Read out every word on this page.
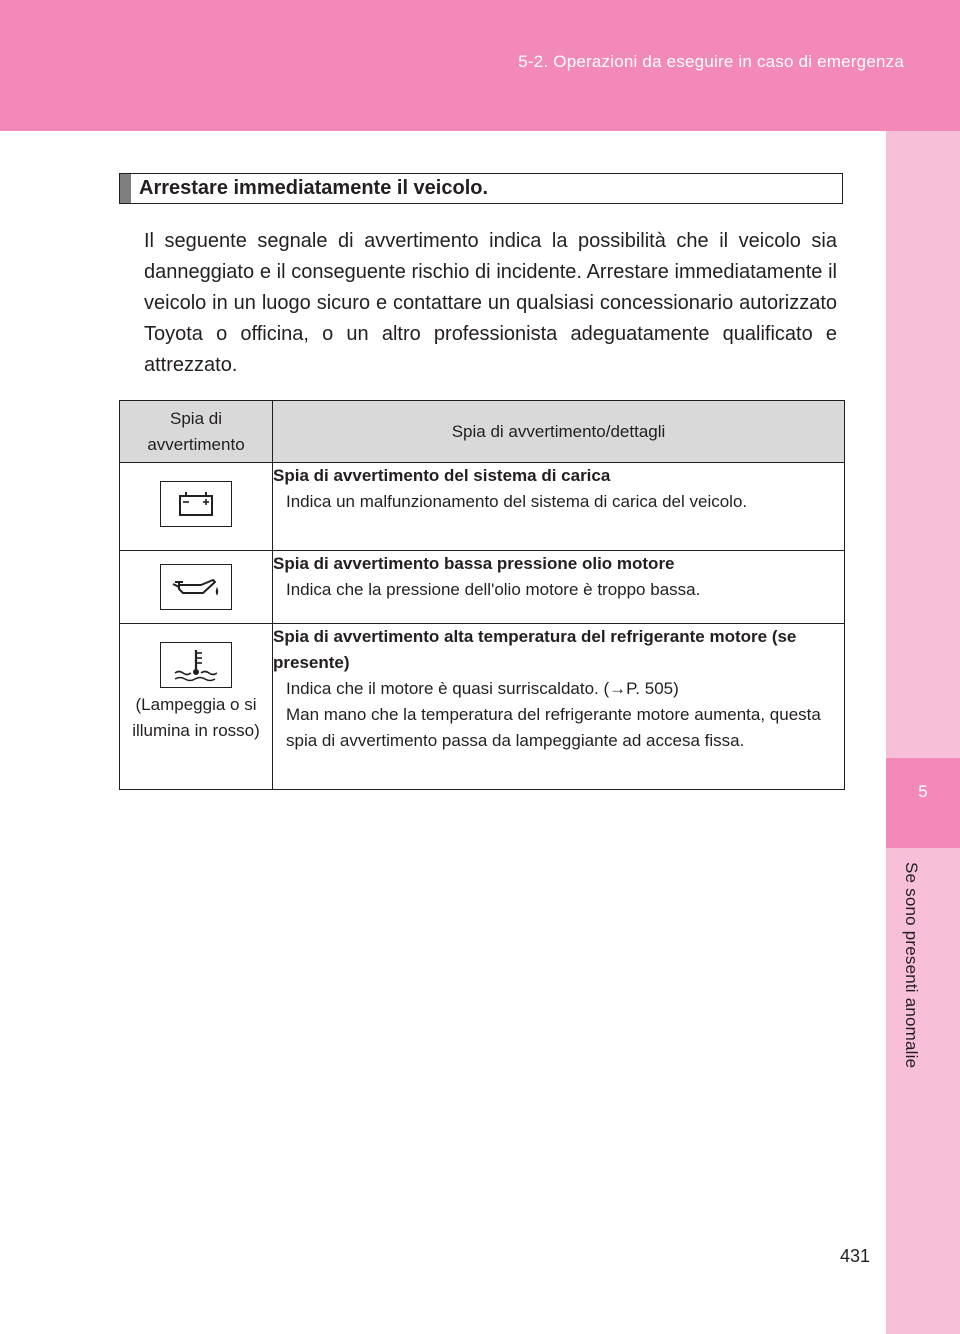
5-2. Operazioni da eseguire in caso di emergenza
5
Se sono presenti anomalie
Arrestare immediatamente il veicolo.

Il seguente segnale di avvertimento indica la possibilità che il veicolo sia danneggiato e il conseguente rischio di incidente. Arrestare immediatamente il veicolo in un luogo sicuro e contattare un qualsiasi concessionario autorizzato Toyota o officina, o un altro professionista adeguatamente qualificato e attrezzato.

Spia di avvertimento	Spia di avvertimento/dettagli

Spia di avvertimento del sistema di carica
Indica un malfunzionamento del sistema di carica del veicolo.

Spia di avvertimento bassa pressione olio motore
Indica che la pressione dell'olio motore è troppo bassa.

(Lampeggia o si illumina in rosso)	Spia di avvertimento alta temperatura del refrigerante motore (se presente)
Indica che il motore è quasi surriscaldato. (→P. 505)
Man mano che la temperatura del refrigerante motore aumenta, questa spia di avvertimento passa da lampeggiante ad accesa fissa.
431
